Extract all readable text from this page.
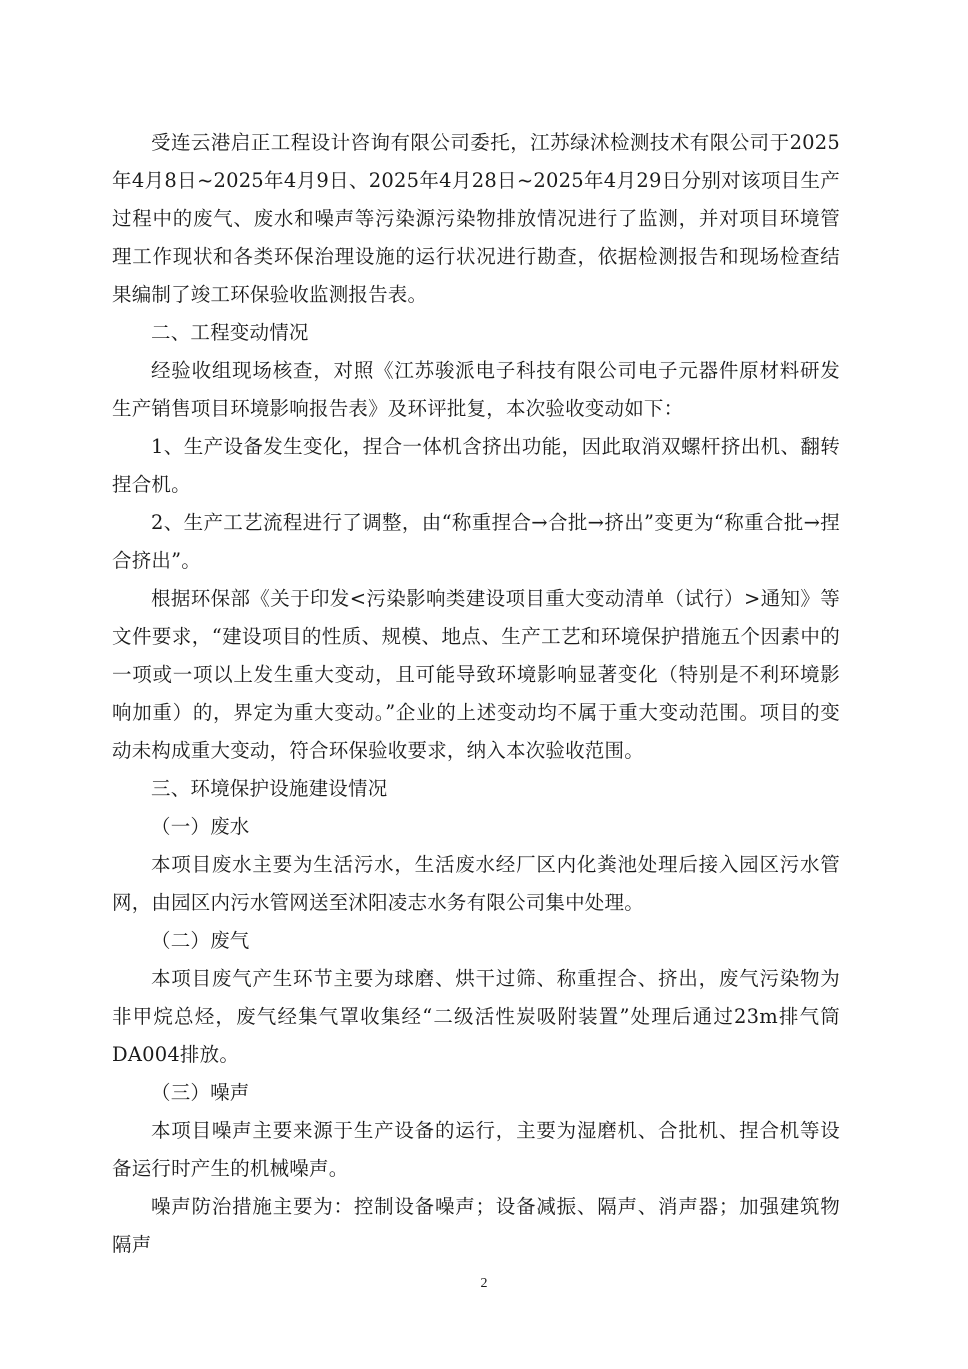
受连云港启正工程设计咨询有限公司委托，江苏绿沭检测技术有限公司于2025年4月8日~2025年4月9日、2025年4月28日~2025年4月29日分别对该项目生产过程中的废气、废水和噪声等污染源污染物排放情况进行了监测，并对项目环境管理工作现状和各类环保治理设施的运行状况进行勘查，依据检测报告和现场检查结果编制了竣工环保验收监测报告表。

二、工程变动情况

经验收组现场核查，对照《江苏骏派电子科技有限公司电子元器件原材料研发生产销售项目环境影响报告表》及环评批复，本次验收变动如下：

1、生产设备发生变化，捏合一体机含挤出功能，因此取消双螺杆挤出机、翻转捏合机。

2、生产工艺流程进行了调整，由“称重捏合→合批→挤出”变更为“称重合批→捏合挤出”。

根据环保部《关于印发<污染影响类建设项目重大变动清单（试行）>通知》等文件要求，“建设项目的性质、规模、地点、生产工艺和环境保护措施五个因素中的一项或一项以上发生重大变动，且可能导致环境影响显著变化（特别是不利环境影响加重）的，界定为重大变动。”企业的上述变动均不属于重大变动范围。项目的变动未构成重大变动，符合环保验收要求，纳入本次验收范围。

三、环境保护设施建设情况

（一）废水

本项目废水主要为生活污水，生活废水经厂区内化粪池处理后接入园区污水管网，由园区内污水管网送至沭阳凌志水务有限公司集中处理。

（二）废气

本项目废气产生环节主要为球磨、烘干过筛、称重捏合、挤出，废气污染物为非甲烷总烃，废气经集气罩收集经“二级活性炭吸附装置”处理后通过23m排气筒DA004排放。

（三）噪声

本项目噪声主要来源于生产设备的运行，主要为湿磨机、合批机、捏合机等设备运行时产生的机械噪声。

噪声防治措施主要为：控制设备噪声；设备减振、隔声、消声器；加强建筑物隔声

2
